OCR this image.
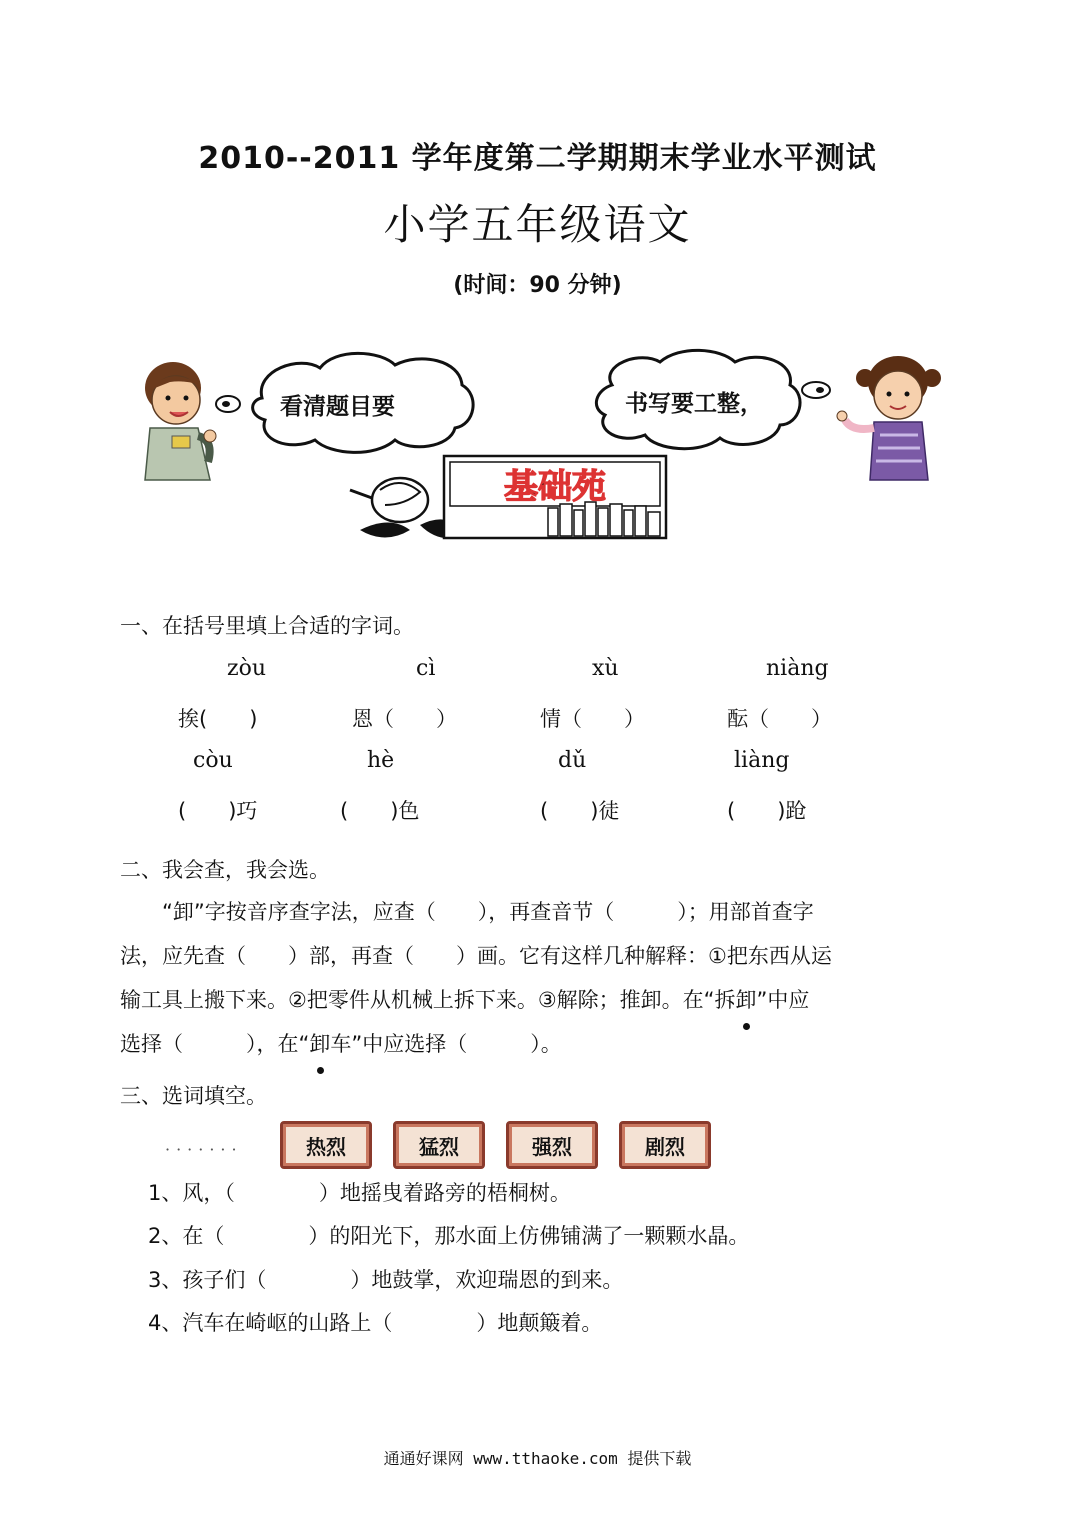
2010--2011 学年度第二学期期末学业水平测试
小学五年级语文
(时间：90 分钟)
基础苑
看清题目要	书写要工整，
一、在括号里填上合适的字词。
zòu	cì	xù	niàng
挨(　　)	恩（　　）	情（　　）	酝（　　）
còu	hè	dǔ	liàng
(　　)巧	(　　)色	(　　)徒	(　　)跄
二、我会查，我会选。

“卸”字按音序查字法，应查（　　），再查音节（　　　）；用部首查字

法，应先查（　　）部，再查（　　）画。它有这样几种解释：①把东西从运

输工具上搬下来。②把零件从机械上拆下来。③解除；推卸。在“拆卸”中应

选择（　　　），在“卸车”中应选择（　　　）。

三、选词填空。
·······	热烈	猛烈	强烈	剧烈
1、风，（　　　　）地摇曳着路旁的梧桐树。
2、在（　　　　）的阳光下，那水面上仿佛铺满了一颗颗水晶。
3、孩子们（　　　　）地鼓掌，欢迎瑞恩的到来。
4、汽车在崎岖的山路上（　　　　）地颠簸着。
通通好课网 www.tthaoke.com 提供下载
